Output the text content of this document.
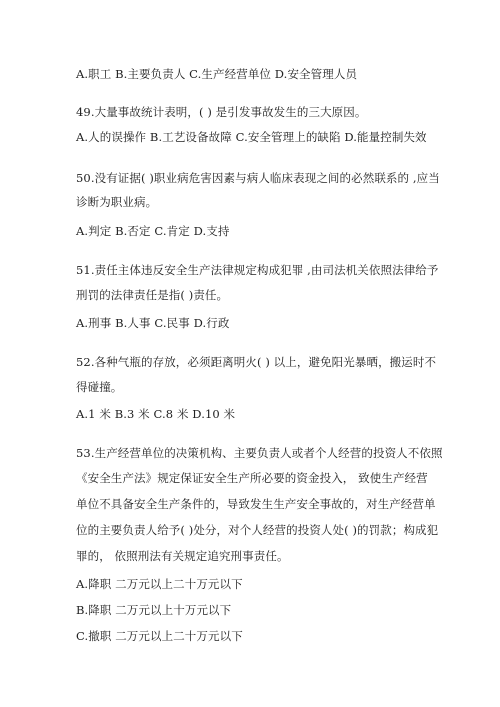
A.职工 B.主要负责人 C.生产经营单位 D.安全管理人员
49.大量事故统计表明，( ) 是引发事故发生的三大原因。
A.人的误操作 B.工艺设备故障 C.安全管理上的缺陷 D.能量控制失效
50.没有证据( )职业病危害因素与病人临床表现之间的必然联系的 ,应当
诊断为职业病。
A.判定 B.否定 C.肯定 D.支持
51.责任主体违反安全生产法律规定构成犯罪 ,由司法机关依照法律给予
刑罚的法律责任是指( )责任。
A.刑事 B.人事 C.民事 D.行政
52.各种气瓶的存放，必须距离明火( ) 以上，避免阳光暴晒，搬运时不
得碰撞。
A.1 米 B.3 米 C.8 米 D.10 米
53.生产经营单位的决策机构、主要负责人或者个人经营的投资人不依照
《安全生产法》规定保证安全生产所必要的资金投入， 致使生产经营
单位不具备安全生产条件的，导致发生生产安全事故的，对生产经营单
位的主要负责人给予( )处分，对个人经营的投资人处( )的罚款；构成犯
罪的， 依照刑法有关规定追究刑事责任。
A.降职 二万元以上二十万元以下
B.降职 二万元以上十万元以下
C.撤职 二万元以上二十万元以下
